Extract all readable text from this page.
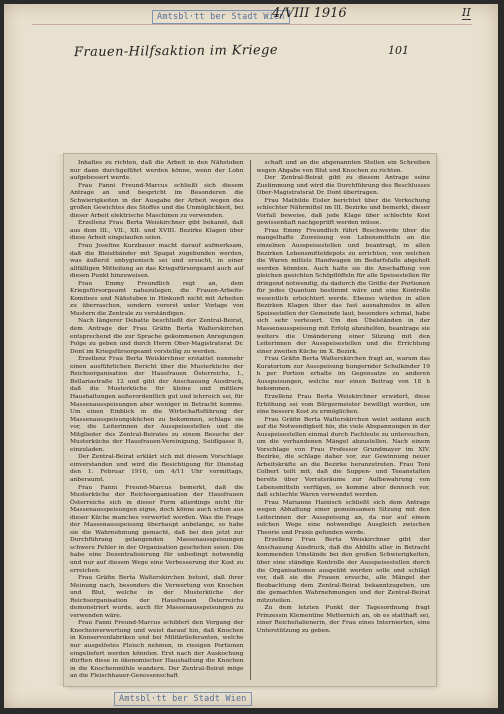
Amtsbl·tt ber Stadt Wien
4/VIII 1916	II
Frauen-Hilfsaktion im Kriege	101

Inhaltes zu richten, daß die Arbeit in den Nähstuben nur dann durchgeführt werden könne, wenn der Lohn aufgebessert werde.

Frau Fanni Freund-Marcus schließt sich diesem Antrage an und bespricht im Besonderen die Schwierigkeiten in der Ausgabe der Arbeit wegen des großen Gewichtes des Stoffes und die Unmöglichkeit, bei dieser Arbeit elektrische Maschinen zu verwenden.

Erzellenz Frau Berta Weiskirchner gibt bekannt, daß aus dem III., VII., XII. und XVIII. Bezirke Klagen über diese Arbeit eingelaufen seien.

Frau Josefine Kurzbauer macht darauf aufmerksam, daß die Bleistbänder mit Spagat zugebunden werden, was äußerst unhygienisch sei und ersucht, in einer allfälligen Mitteilung an das Kriegsfürsorgeamt auch auf diesen Punkt hinzuweisen.

Frau Emmy Freundlich regt an, dem Kriegsfürsorgeamt nahezulegen, die Frauen-Arbeits-Komitees und Nähstuben in Hinkunft nicht mit Arbeiten zu überraschen, sondern vorerst unter Vorlage von Mustern die Zentrale zu verständigen.

Nach längerer Debatte beschließt der Zentral-Beirat, dem Antrage der Frau Gräfin Berta Walterskirchen entsprechend die zur Sprache gekommenen Anregungen Folge zu geben und durch Herrn Ober-Magistratsrat Dr. Dont im Kriegsfürsorgeamt vorstellig zu werden.

Erzellenz Frau Berta Weiskirchner erstattet nunmehr einen ausführlichen Bericht über die Musterküche der Reichsorganisation der Hausfrauen Österreichs, I., Bellariastraße 12 und gibt der Anschauung Ausdruck, daß die Musterküche für kleine und mittlere Haushaltungen außerordentlich gut und lehrreich sei, für Massenausspeisungen aber weniger in Betracht komme. Um einen Einblick in die Wirtschaftsführung der Massenausspeisungsküchen zu bekommen, schlage sie vor, die Leiterinnen der Ausspeisestellen und die Mitglieder des Zentral-Beirates zu einem Besuche der Musterküche der Hausfrauen-Vereinigung, Seidlgasse 8, einzuladen.

Der Zentral-Beirat erklärt sich mit diesem Vorschlage einverstanden und wird die Besichtigung für Dienstag den 1. Februar 1916, um 4/11 Uhr vormittags, anberaumt.

Frau Fanni Freund-Marcus bemerkt, daß die Musterküche der Reichsorganisation der Hausfrauen Österreichs sich in dieser Form allerdings nicht für Massenausspeisungen eigne, doch könne auch schon aus dieser Küche manches verwertet werden. Was die Frage der Massenausspeisung überhaupt anbelange, so habe sie die Wahrnehmung gemacht, daß bei den jetzt zur Durchführung gelangenden Massenausspeisungen schwere Fehler in der Organisation geschehen seien. Die habe eine Dezentralisierung für unbedingt notwendig und nur auf diesem Wege eine Verbesserung der Kost zu erreichen.

Frau Gräfin Berta Walterskirchen betont, daß ihrer Meinung nach, besonders die Verwertung von Knochen und Blut, welche in der Musterküche der Reichsorganisation der Hausfrauen Österreichs demonstriert wurde, auch für Massenausspeisungen zu verwenden wäre.

Frau Fanni Freund-Marcus schildert den Vorgang der Knochenverwertung und weist darauf hin, daß Knochen in Konservenfabriken und bei Militärlieferanten, welche nur ausgelöstes Fleisch nehmen, in riesigen Portionen eingeliefert werden könnten. Erst nach der Auskochung dürften diese in ökonomischer Haushaltung die Knochen in die Knochenmühle wandern. Der Zentral-Beirat möge an die Fleischhauer-Genossenschaft

schaft und an die abgenannten Stellen ein Schreiben wegen Abgabe von Blut und Knochen zu richten.

Der Zentral-Beirat gibt zu diesem Antrage seine Zustimmung und wird die Durchführung des Beschlusses Ober-Magistratsrat Dr. Dont übertragen.

Frau Mathilde Eisler berichtet über die Verkochung schlechter Nährmittel im III. Bezirke und bemerkt, dieser Vorfall beweise, daß jede Klage über schlechte Kost gewissenhaft nachgeprüft werden müsse.

Frau Emmy Freundlich führt Beschwerde über die mangelhafte Zuweisung von Lebensmitteln an die einzelnen Ausspeisestellen und beantragt, in allen Bezirken Lebensmitteldepots zu errichten, von welchen die Waren mittels Handwagen im Bedarfsfalle abgeholt werden könnten. Auch halte sie die Anschaffung von gleichen geeichten Schöpflöffeln für alle Speisestellen für dringend notwendig, da dadurch die Größe der Portionen für jedes Quantum bestimmt wäre und eine Kontrolle wesentlich erleichtert werde. Ebenso würden in allen Bezirken Klagen über das fast ausnahmslos in allen Speisestellen der Gemeinde laut, besonders schmal, habe sich sehr verteuert. Um den Übelständen in der Massenausspeisung mit Erfolg abzuhelfen, beantrage sie weiters die Umänderung einer Sitzung mit den Leiterinnen der Ausspeisestellen und die Errichtung einer zweiten Küche im X. Bezirk.

Frau Gräfin Berta Walterskirchen fragt an, warum das Kuratorium zur Ausspeisung hungernder Schulkinder 19 h per Portion erhalte im Gegensatze zu anderen Ausspeisungen, welche nur einen Beitrag von 18 h bekommen.

Erzellenz Frau Berta Weiskirchner erwidert, diese Erhöhung sei vom Bürgermeister bewilligt worden, um eine bessere Kost zu ermöglichen.

Frau Gräfin Berta Walterskirchen weist sodann auch auf die Notwendigkeit hin, die viele Abspannungen in der Ausspeisestellen einmal durch Fachleute zu untersuchen, um die vorhandenen Mängel abzustellen. Nach einem Vorschlage von Frau Professor Grundmayer im XIV. Bezirke, die schlage daher vor, zur Gewinnung neuer Arbeitskräfte an die Bezirke heranzutreten. Frau Toni Colbert teilt mit, daß die Suppen- und Teeanstalten bereits über Vorratsräume zur Aufbewahrung von Lebensmitteln verfügen, es komme aber dennoch vor, daß schlechte Waren verwendet werden.

Frau Marianne Hainisch schließt sich dem Antrage wegen Abhaltung einer gemeinsamen Sitzung mit den Leiterinnen der Ausspeisung an, da nur auf einem solchen Wege eine notwendige Ausgleich zwischen Theorie und Praxis gefunden werde.

Erzellenz Frau Berta Weiskirchner gibt der Anschauung Ausdruck, daß die Abhilfe aller in Betracht kommenden Umstände bei den großen Schwierigkeiten, über eine ständige Kontrolle der Ausspeisestellen durch die Organisationen ausgeübt werden solle und schlägt vor, daß sie die Frauen ersuche, alle Mängel der Beobachtung dem Zentral-Beirat bekanntzugeben, um die gemachten Wahrnehmungen und der Zentral-Beirat mitzuteilen.

Zu dem letzten Punkt der Tagesordnung fragt Prinzessin Klementine Metternich an, ob es statthaft sei, einer Reichsitalienerin, der Frau eines Internierten, eine Unterstützung zu geben.

Amtsbl·tt ber Stadt Wien
